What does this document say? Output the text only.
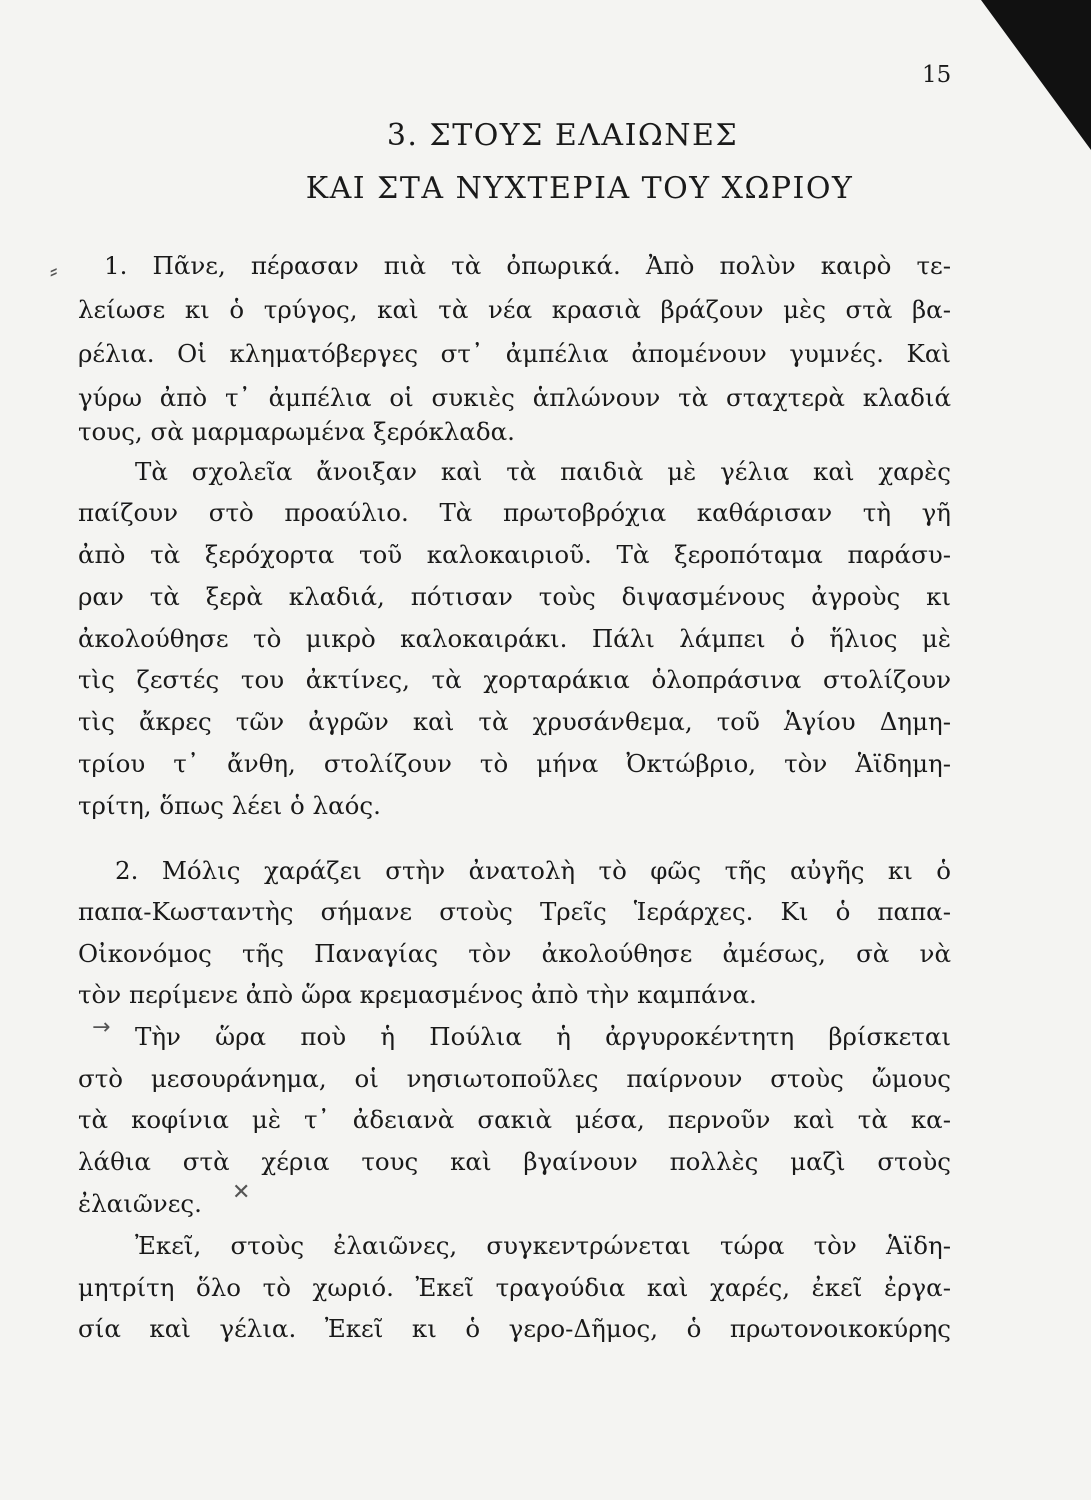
15
3. ΣΤΟΥΣ ΕΛΑΙΩΝΕΣ
ΚΑΙ ΣΤΑ ΝΥΧΤΕΡΙΑ ΤΟΥ ΧΩΡΙΟΥ
⸗
→
✕
1. Πᾶνε, πέρασαν πιὰ τὰ ὀπωρικά. Ἀπὸ πολὺν καιρὸ τε-
λείωσε κι ὁ τρύγος, καὶ τὰ νέα κρασιὰ βράζουν μὲς στὰ βα-
ρέλια. Οἱ κληματόβεργες στ᾿ ἀμπέλια ἀπομένουν γυμνές. Καὶ
γύρω ἀπὸ τ᾿ ἀμπέλια οἱ συκιὲς ἁπλώνουν τὰ σταχτερὰ κλαδιά
τους, σὰ μαρμαρωμένα ξερόκλαδα.
Τὰ σχολεῖα ἄνοιξαν καὶ τὰ παιδιὰ μὲ γέλια καὶ χαρὲς
παίζουν στὸ προαύλιο. Τὰ πρωτοβρόχια καθάρισαν τὴ γῆ
ἀπὸ τὰ ξερόχορτα τοῦ καλοκαιριοῦ. Τὰ ξεροπόταμα παράσυ-
ραν τὰ ξερὰ κλαδιά, πότισαν τοὺς διψασμένους ἀγροὺς κι
ἀκολούθησε τὸ μικρὸ καλοκαιράκι. Πάλι λάμπει ὁ ἥλιος μὲ
τὶς ζεστές του ἀκτίνες, τὰ χορταράκια ὁλοπράσινα στολίζουν
τὶς ἄκρες τῶν ἀγρῶν καὶ τὰ χρυσάνθεμα, τοῦ Ἁγίου Δημη-
τρίου τ᾿ ἄνθη, στολίζουν τὸ μήνα Ὀκτώβριο, τὸν Ἁϊδημη-
τρίτη, ὅπως λέει ὁ λαός.
2. Μόλις χαράζει στὴν ἀνατολὴ τὸ φῶς τῆς αὐγῆς κι ὁ
παπα-Κωσταντὴς σήμανε στοὺς Τρεῖς Ἱεράρχες. Κι ὁ παπα-
Οἰκονόμος τῆς Παναγίας τὸν ἀκολούθησε ἀμέσως, σὰ νὰ
τὸν περίμενε ἀπὸ ὥρα κρεμασμένος ἀπὸ τὴν καμπάνα.
Τὴν ὥρα ποὺ ἡ Πούλια ἡ ἀργυροκέντητη βρίσκεται
στὸ μεσουράνημα, οἱ νησιωτοποῦλες παίρνουν στοὺς ὤμους
τὰ κοφίνια μὲ τ᾿ ἀδειανὰ σακιὰ μέσα, περνοῦν καὶ τὰ κα-
λάθια στὰ χέρια τους καὶ βγαίνουν πολλὲς μαζὶ στοὺς
ἐλαιῶνες.
Ἐκεῖ, στοὺς ἐλαιῶνες, συγκεντρώνεται τώρα τὸν Ἁϊδη-
μητρίτη ὅλο τὸ χωριό. Ἐκεῖ τραγούδια καὶ χαρές, ἐκεῖ ἐργα-
σία καὶ γέλια. Ἐκεῖ κι ὁ γερο-Δῆμος, ὁ πρωτονοικοκύρης
